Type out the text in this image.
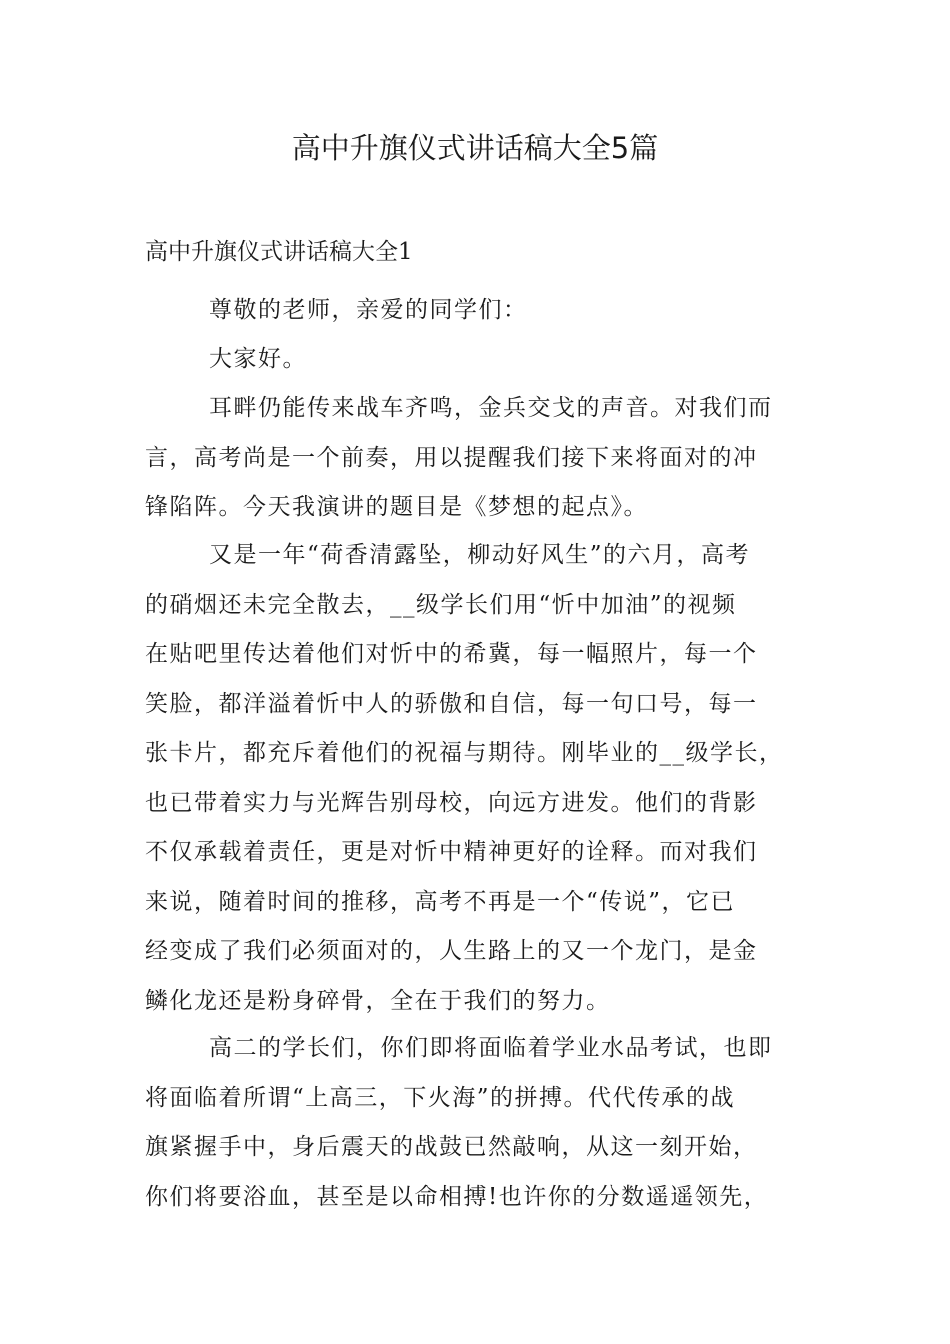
高中升旗仪式讲话稿大全5篇
高中升旗仪式讲话稿大全1
尊敬的老师，亲爱的同学们：
大家好。
耳畔仍能传来战车齐鸣，金兵交戈的声音。对我们而
言，高考尚是一个前奏，用以提醒我们接下来将面对的冲
锋陷阵。今天我演讲的题目是《梦想的起点》。
又是一年“荷香清露坠，柳动好风生”的六月，高考
的硝烟还未完全散去，__级学长们用“忻中加油”的视频
在贴吧里传达着他们对忻中的希冀，每一幅照片，每一个
笑脸，都洋溢着忻中人的骄傲和自信，每一句口号，每一
张卡片，都充斥着他们的祝福与期待。刚毕业的__级学长，
也已带着实力与光辉告别母校，向远方进发。他们的背影
不仅承载着责任，更是对忻中精神更好的诠释。而对我们
来说，随着时间的推移，高考不再是一个“传说”，它已
经变成了我们必须面对的，人生路上的又一个龙门，是金
鳞化龙还是粉身碎骨，全在于我们的努力。
高二的学长们，你们即将面临着学业水品考试，也即
将面临着所谓“上高三，下火海”的拼搏。代代传承的战
旗紧握手中，身后震天的战鼓已然敲响，从这一刻开始，
你们将要浴血，甚至是以命相搏!也许你的分数遥遥领先，
